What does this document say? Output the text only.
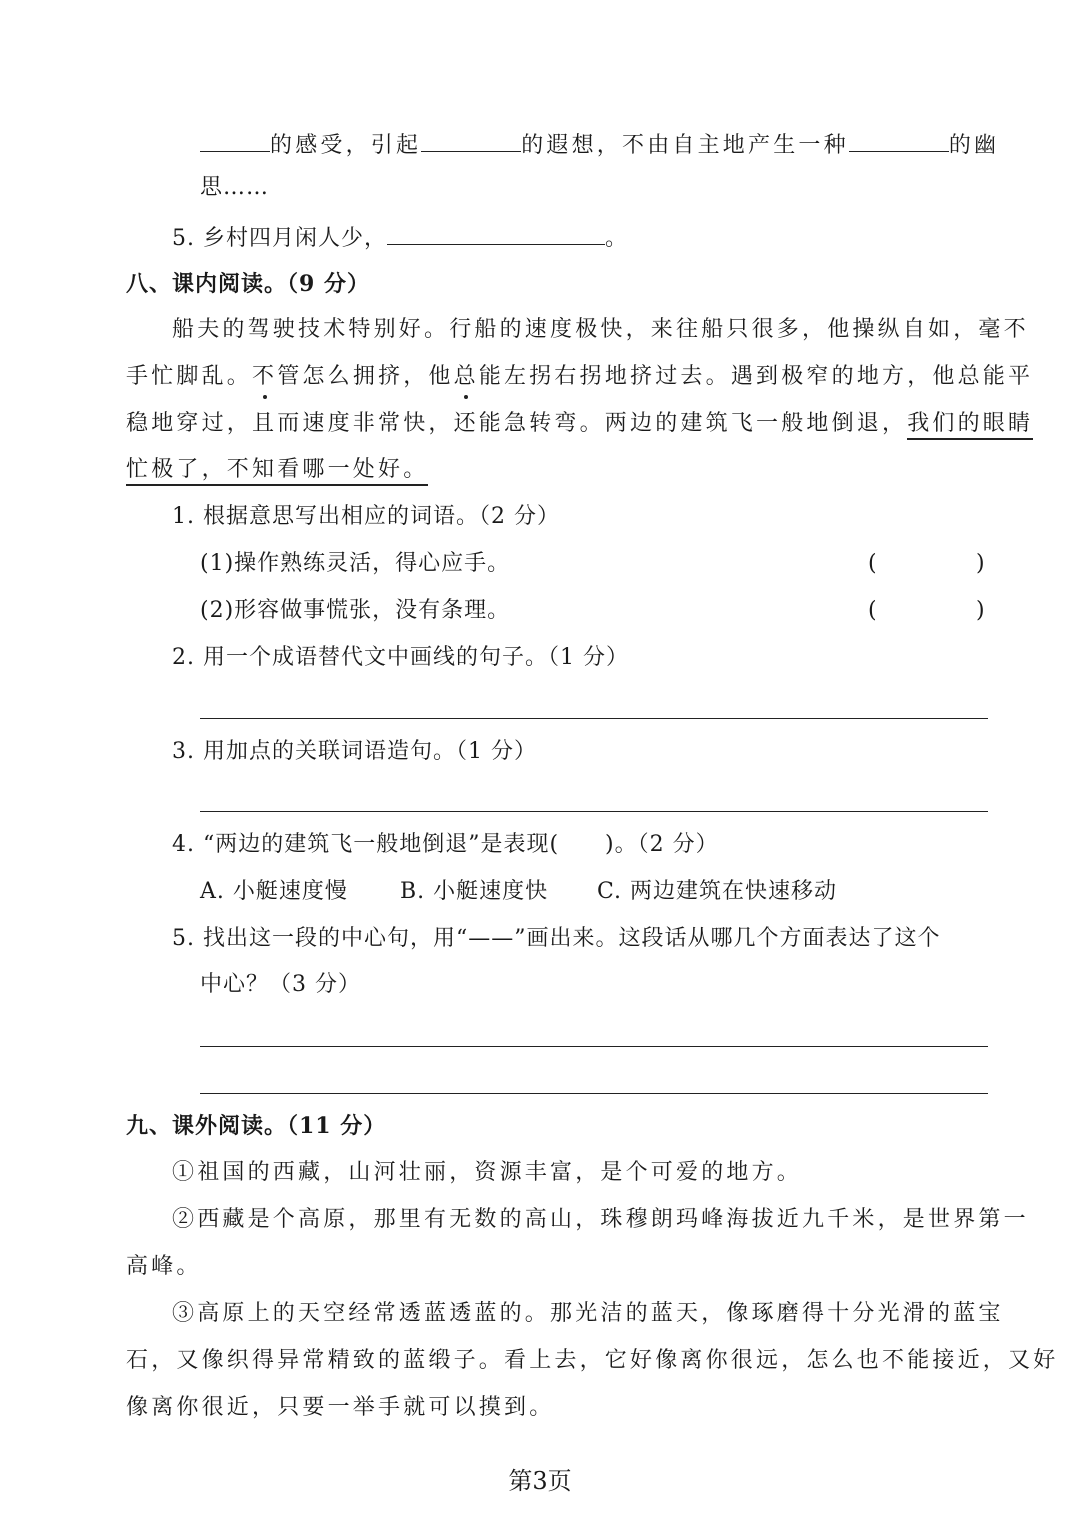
的感受，引起	的遐想，不由自主地产生一种	的幽
思……
5. 乡村四月闲人少，	。
八、课内阅读。（9 分）
船夫的驾驶技术特别好。行船的速度极快，来往船只很多，他操纵自如，毫不
手忙脚乱。不管怎么拥挤，他总能左拐右拐地挤过去。遇到极窄的地方，他总能平
稳地穿过，且而速度非常快，还能急转弯。两边的建筑飞一般地倒退，我们的眼睛
忙极了，不知看哪一处好。
1. 根据意思写出相应的词语。（2 分）
(1)操作熟练灵活，得心应手。	(	)
(2)形容做事慌张，没有条理。	(	)
2. 用一个成语替代文中画线的句子。（1 分）
3. 用加点的关联词语造句。（1 分）
4. “两边的建筑飞一般地倒退”是表现(　　)。（2 分）
A. 小艇速度慢 B. 小艇速度快 C. 两边建筑在快速移动
5. 找出这一段的中心句，用“——”画出来。这段话从哪几个方面表达了这个
中心？（3 分）
九、课外阅读。（11 分）
①祖国的西藏，山河壮丽，资源丰富，是个可爱的地方。
②西藏是个高原，那里有无数的高山，珠穆朗玛峰海拔近九千米，是世界第一
高峰。
③高原上的天空经常透蓝透蓝的。那光洁的蓝天，像琢磨得十分光滑的蓝宝
石，又像织得异常精致的蓝缎子。看上去，它好像离你很远，怎么也不能接近，又好
像离你很近，只要一举手就可以摸到。
第3页
